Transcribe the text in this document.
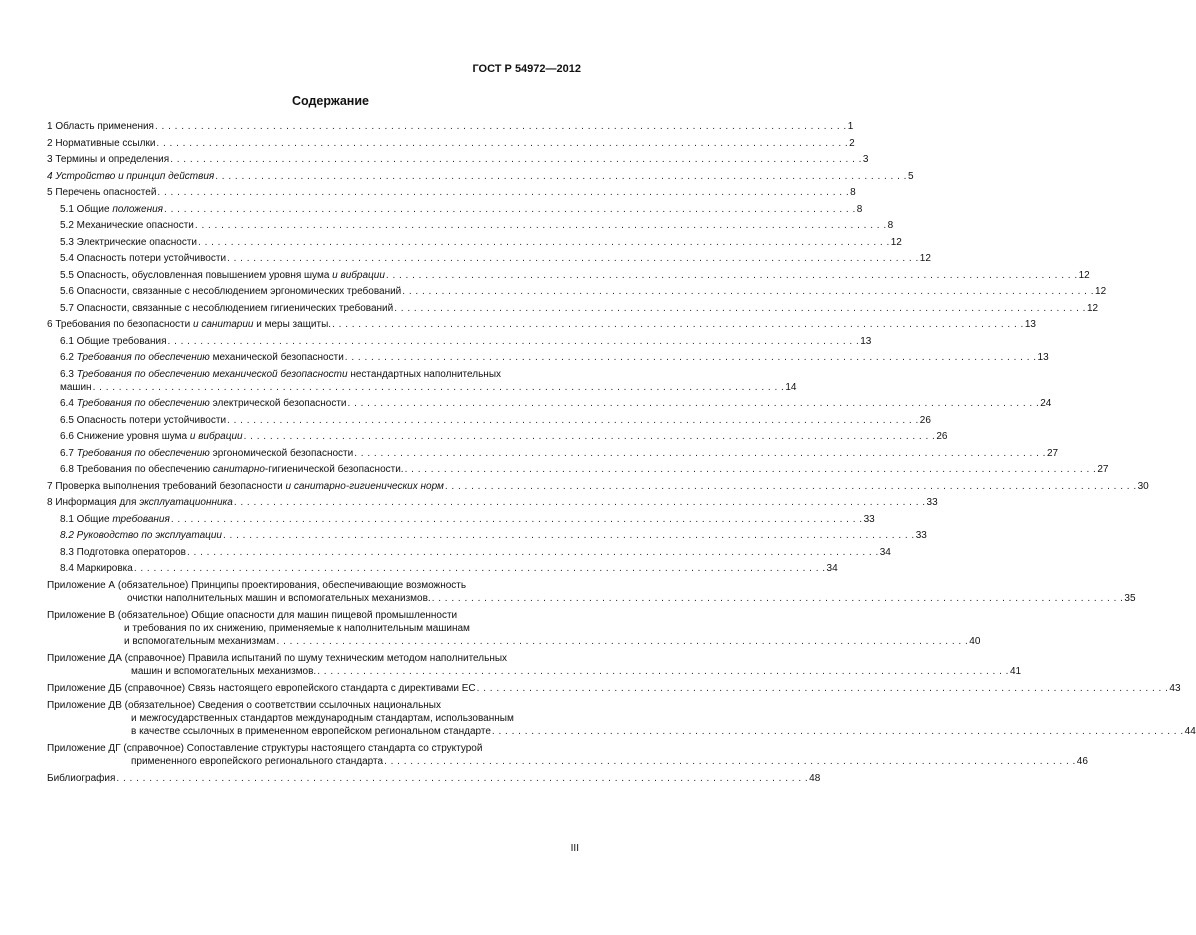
ГОСТ Р 54972—2012
Содержание
1 Область применения . . . . . . . . . . . . . . . . . . . . . . . . . . . . . . . . . . . . . . . . . . . . . . . . . . . . . . . . . . . . . . . . . . . . . . . . . . . . . . . . . . . . . . . . . . . . . . . . . . . . . . . . . . 1
2 Нормативные ссылки . . . . . . . . . . . . . . . . . . . . . . . . . . . . . . . . . . . . . . . . . . . . . . . . . . . . . . . . . . . . . . . . . . . . . . . . . . . . . . . . . . . . . . . . . . . . . . . . . . . . . . . . . . 2
3 Термины и определения . . . . . . . . . . . . . . . . . . . . . . . . . . . . . . . . . . . . . . . . . . . . . . . . . . . . . . . . . . . . . . . . . . . . . . . . . . . . . . . . . . . . . . . . . . . . . . . . . . . . . . . . . . 3
4 Устройство и принцип действия . . . . . . . . . . . . . . . . . . . . . . . . . . . . . . . . . . . . . . . . . . . . . . . . . . . . . . . . . . . . . . . . . . . . . . . . . . . . . . . . . . . . . . . . . . . . . . . . . . . . . . . . . . 5
5 Перечень опасностей . . . . . . . . . . . . . . . . . . . . . . . . . . . . . . . . . . . . . . . . . . . . . . . . . . . . . . . . . . . . . . . . . . . . . . . . . . . . . . . . . . . . . . . . . . . . . . . . . . . . . . . . . . 8
5.1 Общие положения . . . . . . . . . . . . . . . . . . . . . . . . . . . . . . . . . . . . . . . . . . . . . . . . . . . . . . . . . . . . . . . . . . . . . . . . . . . . . . . . . . . . . . . . . . . . . . . . . . . . . . . . . . 8
5.2 Механические опасности . . . . . . . . . . . . . . . . . . . . . . . . . . . . . . . . . . . . . . . . . . . . . . . . . . . . . . . . . . . . . . . . . . . . . . . . . . . . . . . . . . . . . . . . . . . . . . . . . . . . . . . . . . 8
5.3 Электрические опасности . . . . . . . . . . . . . . . . . . . . . . . . . . . . . . . . . . . . . . . . . . . . . . . . . . . . . . . . . . . . . . . . . . . . . . . . . . . . . . . . . . . . . . . . . . . . . . . . . . . . . . . . . . 12
5.4 Опасность потери устойчивости . . . . . . . . . . . . . . . . . . . . . . . . . . . . . . . . . . . . . . . . . . . . . . . . . . . . . . . . . . . . . . . . . . . . . . . . . . . . . . . . . . . . . . . . . . . . . . . . . . . . . . . . . . 12
5.5 Опасность, обусловленная повышением уровня шума и вибрации . . . . . . . . . . . . . . . . . . . . . . . . . . . . . . . . . . . . . . . . . . . . . . . . . . . . . . . . . . . . . . . . . . . . . . . . . . . . . . . . . . . . . . . . . . . . . . . . . . . . . . . . . . 12
5.6 Опасности, связанные с несоблюдением эргономических требований . . . . . . . . . . . . . . . . . . . . . . . . . . . . . . . . . . . . . . . . . . . . . . . . . . . . . . . . . . . . . . . . . . . . . . . . . . . . . . . . . . . . . . . . . . . . . . . . . . . . . . . . . . 12
5.7 Опасности, связанные с несоблюдением гигиенических требований . . . . . . . . . . . . . . . . . . . . . . . . . . . . . . . . . . . . . . . . . . . . . . . . . . . . . . . . . . . . . . . . . . . . . . . . . . . . . . . . . . . . . . . . . . . . . . . . . . . . . . . . . . 12
6 Требования по безопасности и санитарии и меры защиты. . . . . . . . . . . . . . . . . . . . . . . . . . . . . . . . . . . . . . . . . . . . . . . . . . . . . . . . . . . . . . . . . . . . . . . . . . . . . . . . . . . . . . . . . . . . . . . . . . . . . . . . . . . 13
6.1 Общие требования . . . . . . . . . . . . . . . . . . . . . . . . . . . . . . . . . . . . . . . . . . . . . . . . . . . . . . . . . . . . . . . . . . . . . . . . . . . . . . . . . . . . . . . . . . . . . . . . . . . . . . . . . . 13
6.2 Требования по обеспечению механической безопасности . . . . . . . . . . . . . . . . . . . . . . . . . . . . . . . . . . . . . . . . . . . . . . . . . . . . . . . . . . . . . . . . . . . . . . . . . . . . . . . . . . . . . . . . . . . . . . . . . . . . . . . . . . 13
6.3 Требования по обеспечению механической безопасности нестандартных наполнительных
машин . . . . . . . . . . . . . . . . . . . . . . . . . . . . . . . . . . . . . . . . . . . . . . . . . . . . . . . . . . . . . . . . . . . . . . . . . . . . . . . . . . . . . . . . . . . . . . . . . . . . . . . . . . 14
6.4 Требования по обеспечению электрической безопасности . . . . . . . . . . . . . . . . . . . . . . . . . . . . . . . . . . . . . . . . . . . . . . . . . . . . . . . . . . . . . . . . . . . . . . . . . . . . . . . . . . . . . . . . . . . . . . . . . . . . . . . . . . 24
6.5 Опасность потери устойчивости . . . . . . . . . . . . . . . . . . . . . . . . . . . . . . . . . . . . . . . . . . . . . . . . . . . . . . . . . . . . . . . . . . . . . . . . . . . . . . . . . . . . . . . . . . . . . . . . . . . . . . . . . . 26
6.6 Снижение уровня шума и вибрации . . . . . . . . . . . . . . . . . . . . . . . . . . . . . . . . . . . . . . . . . . . . . . . . . . . . . . . . . . . . . . . . . . . . . . . . . . . . . . . . . . . . . . . . . . . . . . . . . . . . . . . . . . 26
6.7 Требования по обеспечению эргономической безопасности . . . . . . . . . . . . . . . . . . . . . . . . . . . . . . . . . . . . . . . . . . . . . . . . . . . . . . . . . . . . . . . . . . . . . . . . . . . . . . . . . . . . . . . . . . . . . . . . . . . . . . . . . . 27
6.8 Требования по обеспечению санитарно-гигиенической безопасности. . . . . . . . . . . . . . . . . . . . . . . . . . . . . . . . . . . . . . . . . . . . . . . . . . . . . . . . . . . . . . . . . . . . . . . . . . . . . . . . . . . . . . . . . . . . . . . . . . . . . . . . . . . 27
7 Проверка выполнения требований безопасности и санитарно-гигиенических норм . . . . . . . . . . . . . . . . . . . . . . . . . . . . . . . . . . . . . . . . . . . . . . . . . . . . . . . . . . . . . . . . . . . . . . . . . . . . . . . . . . . . . . . . . . . . . . . . . . . . . . . . . . 30
8 Информация для эксплуатационника . . . . . . . . . . . . . . . . . . . . . . . . . . . . . . . . . . . . . . . . . . . . . . . . . . . . . . . . . . . . . . . . . . . . . . . . . . . . . . . . . . . . . . . . . . . . . . . . . . . . . . . . . . 33
8.1 Общие требования . . . . . . . . . . . . . . . . . . . . . . . . . . . . . . . . . . . . . . . . . . . . . . . . . . . . . . . . . . . . . . . . . . . . . . . . . . . . . . . . . . . . . . . . . . . . . . . . . . . . . . . . . . 33
8.2 Руководство по эксплуатации . . . . . . . . . . . . . . . . . . . . . . . . . . . . . . . . . . . . . . . . . . . . . . . . . . . . . . . . . . . . . . . . . . . . . . . . . . . . . . . . . . . . . . . . . . . . . . . . . . . . . . . . . . 33
8.3 Подготовка операторов . . . . . . . . . . . . . . . . . . . . . . . . . . . . . . . . . . . . . . . . . . . . . . . . . . . . . . . . . . . . . . . . . . . . . . . . . . . . . . . . . . . . . . . . . . . . . . . . . . . . . . . . . . 34
8.4 Маркировка . . . . . . . . . . . . . . . . . . . . . . . . . . . . . . . . . . . . . . . . . . . . . . . . . . . . . . . . . . . . . . . . . . . . . . . . . . . . . . . . . . . . . . . . . . . . . . . . . . . . . . . . . . 34
Приложение А (обязательное) Принципы проектирования, обеспечивающие возможность
очистки наполнительных машин и вспомогательных механизмов. . . . . . . . . . . . . . . . . . . . . . . . . . . . . . . . . . . . . . . . . . . . . . . . . . . . . . . . . . . . . . . . . . . . . . . . . . . . . . . . . . . . . . . . . . . . . . . . . . . . . . . . . . . 35
Приложение В (обязательное) Общие опасности для машин пищевой промышленности
и требования по их снижению, применяемые к наполнительным машинам
и вспомогательным механизмам . . . . . . . . . . . . . . . . . . . . . . . . . . . . . . . . . . . . . . . . . . . . . . . . . . . . . . . . . . . . . . . . . . . . . . . . . . . . . . . . . . . . . . . . . . . . . . . . . . . . . . . . . . 40
Приложение ДА (справочное) Правила испытаний по шуму техническим методом наполнительных
машин и вспомогательных механизмов. . . . . . . . . . . . . . . . . . . . . . . . . . . . . . . . . . . . . . . . . . . . . . . . . . . . . . . . . . . . . . . . . . . . . . . . . . . . . . . . . . . . . . . . . . . . . . . . . . . . . . . . . . . 41
Приложение ДБ (справочное) Связь настоящего европейского стандарта с директивами ЕС . . . . . . . . . . . . . . . . . . . . . . . . . . . . . . . . . . . . . . . . . . . . . . . . . . . . . . . . . . . . . . . . . . . . . . . . . . . . . . . . . . . . . . . . . . . . . . . . . . . . . . . . . . 43
Приложение ДВ (обязательное) Сведения о соответствии ссылочных национальных
и межгосударственных стандартов международным стандартам, использованным
в качестве ссылочных в примененном европейском региональном стандарте . . . . . . . . . . . . . . . . . . . . . . . . . . . . . . . . . . . . . . . . . . . . . . . . . . . . . . . . . . . . . . . . . . . . . . . . . . . . . . . . . . . . . . . . . . . . . . . . . . . . . . . . . . 44
Приложение ДГ (справочное) Сопоставление структуры настоящего стандарта со структурой
примененного европейского регионального стандарта . . . . . . . . . . . . . . . . . . . . . . . . . . . . . . . . . . . . . . . . . . . . . . . . . . . . . . . . . . . . . . . . . . . . . . . . . . . . . . . . . . . . . . . . . . . . . . . . . . . . . . . . . . 46
Библиография . . . . . . . . . . . . . . . . . . . . . . . . . . . . . . . . . . . . . . . . . . . . . . . . . . . . . . . . . . . . . . . . . . . . . . . . . . . . . . . . . . . . . . . . . . . . . . . . . . . . . . . . . . 48
III
